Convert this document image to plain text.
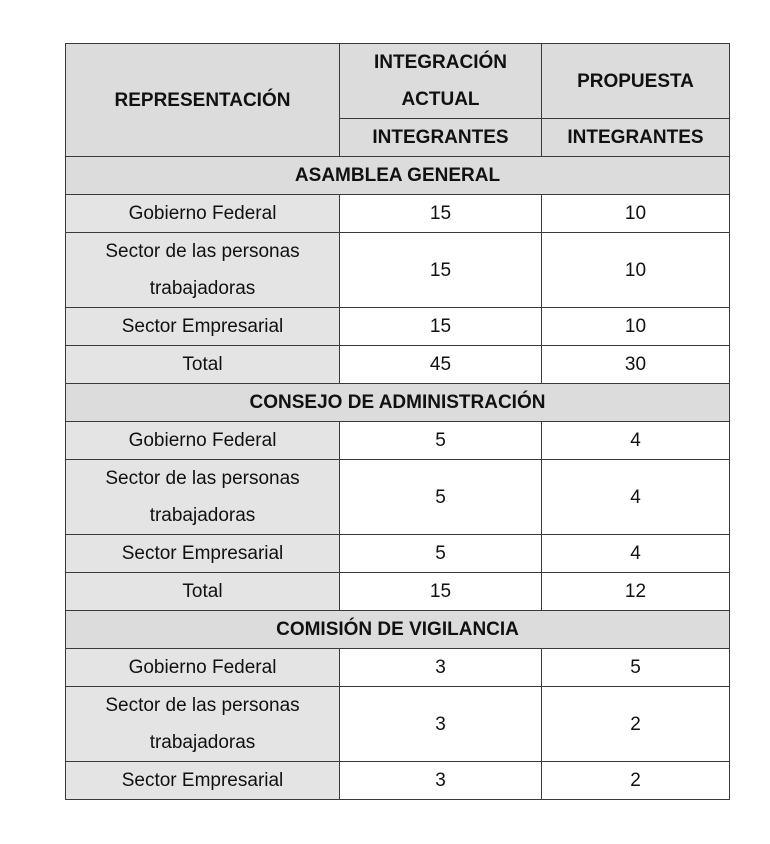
REPRESENTACIÓN	INTEGRACIÓN ACTUAL	PROPUESTA
	INTEGRANTES	INTEGRANTES
ASAMBLEA GENERAL		
Gobierno Federal	15	10
Sector de las personas trabajadoras	15	10
Sector Empresarial	15	10
Total	45	30
CONSEJO DE ADMINISTRACIÓN		
Gobierno Federal	5	4
Sector de las personas trabajadoras	5	4
Sector Empresarial	5	4
Total	15	12
COMISIÓN DE VIGILANCIA		
Gobierno Federal	3	5
Sector de las personas trabajadoras	3	2
Sector Empresarial	3	2
